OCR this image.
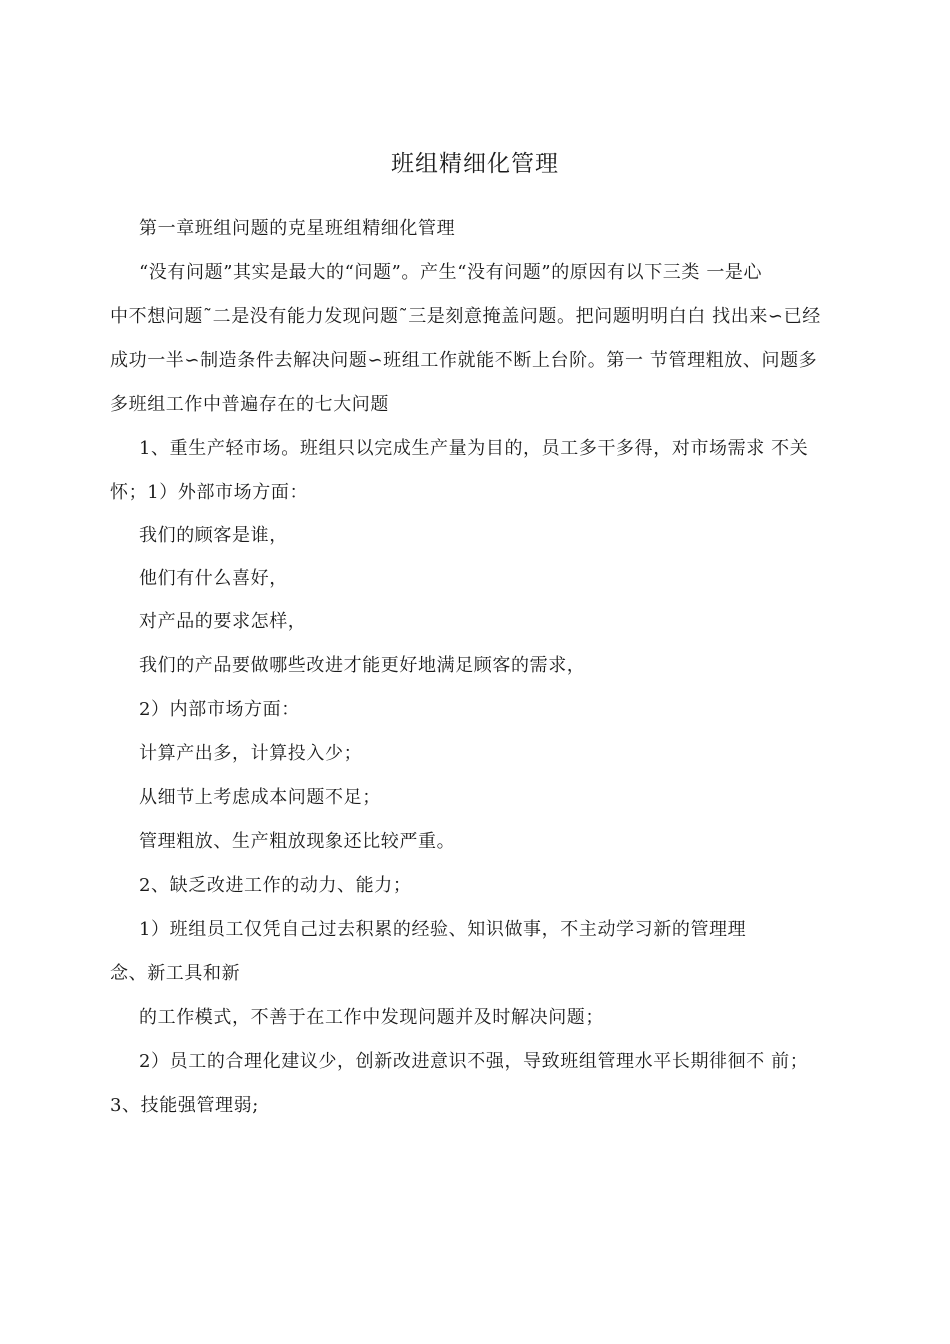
班组精细化管理
第一章班组问题的克星班组精细化管理
“没有问题”其实是最大的“问题”。产生“没有问题”的原因有以下三类 一是心
中不想问题˜二是没有能力发现问题˜三是刻意掩盖问题。把问题明明白白 找出来∽已经
成功一半∽制造条件去解决问题∽班组工作就能不断上台阶。第一 节管理粗放、问题多
多班组工作中普遍存在的七大问题
1、重生产轻市场。班组只以完成生产量为目的，员工多干多得，对市场需求 不关
怀；1）外部市场方面：
我们的顾客是谁，
他们有什么喜好，
对产品的要求怎样，
我们的产品要做哪些改进才能更好地满足顾客的需求，
2）内部市场方面：
计算产出多，计算投入少；
从细节上考虑成本问题不足；
管理粗放、生产粗放现象还比较严重。
2、缺乏改进工作的动力、能力；
1）班组员工仅凭自己过去积累的经验、知识做事，不主动学习新的管理理
念、新工具和新
的工作模式，不善于在工作中发现问题并及时解决问题；
2）员工的合理化建议少，创新改进意识不强，导致班组管理水平长期徘徊不 前；
3、技能强管理弱;
